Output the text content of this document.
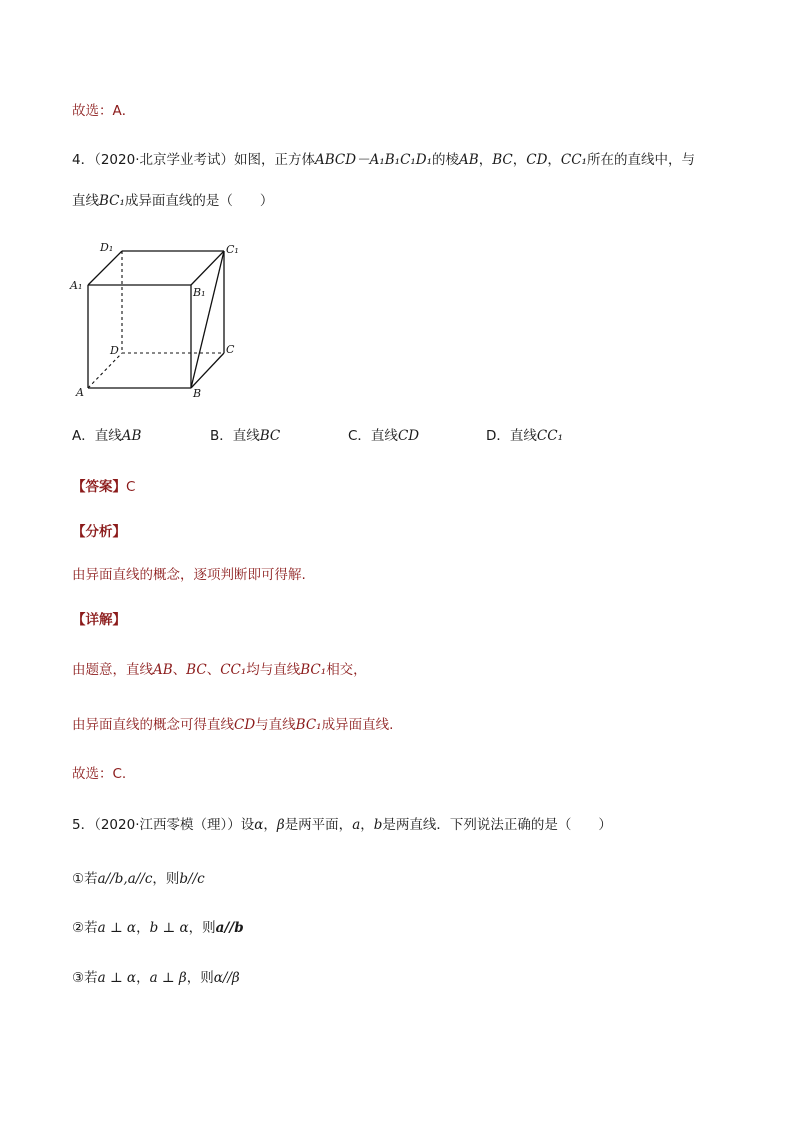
故选：A．
4．（2020·北京学业考试）如图，正方体ABCD－A₁B₁C₁D₁的棱AB，BC，CD，CC₁所在的直线中，与
直线BC₁成异面直线的是（　　）
D₁	C₁
A₁
B₁
D	C
A	B
A．直线AB	B．直线BC	C．直线CD	D．直线CC₁
【答案】C
【分析】
由异面直线的概念，逐项判断即可得解.
【详解】
由题意，直线AB、BC、CC₁均与直线BC₁相交，
由异面直线的概念可得直线CD与直线BC₁成异面直线.
故选：C.
5．（2020·江西零模（理））设α，β是两平面，a，b是两直线．下列说法正确的是（　　）
①若a//b,a//c，则b//c
②若a ⊥ α，b ⊥ α，则a//b
③若a ⊥ α，a ⊥ β，则α//β
